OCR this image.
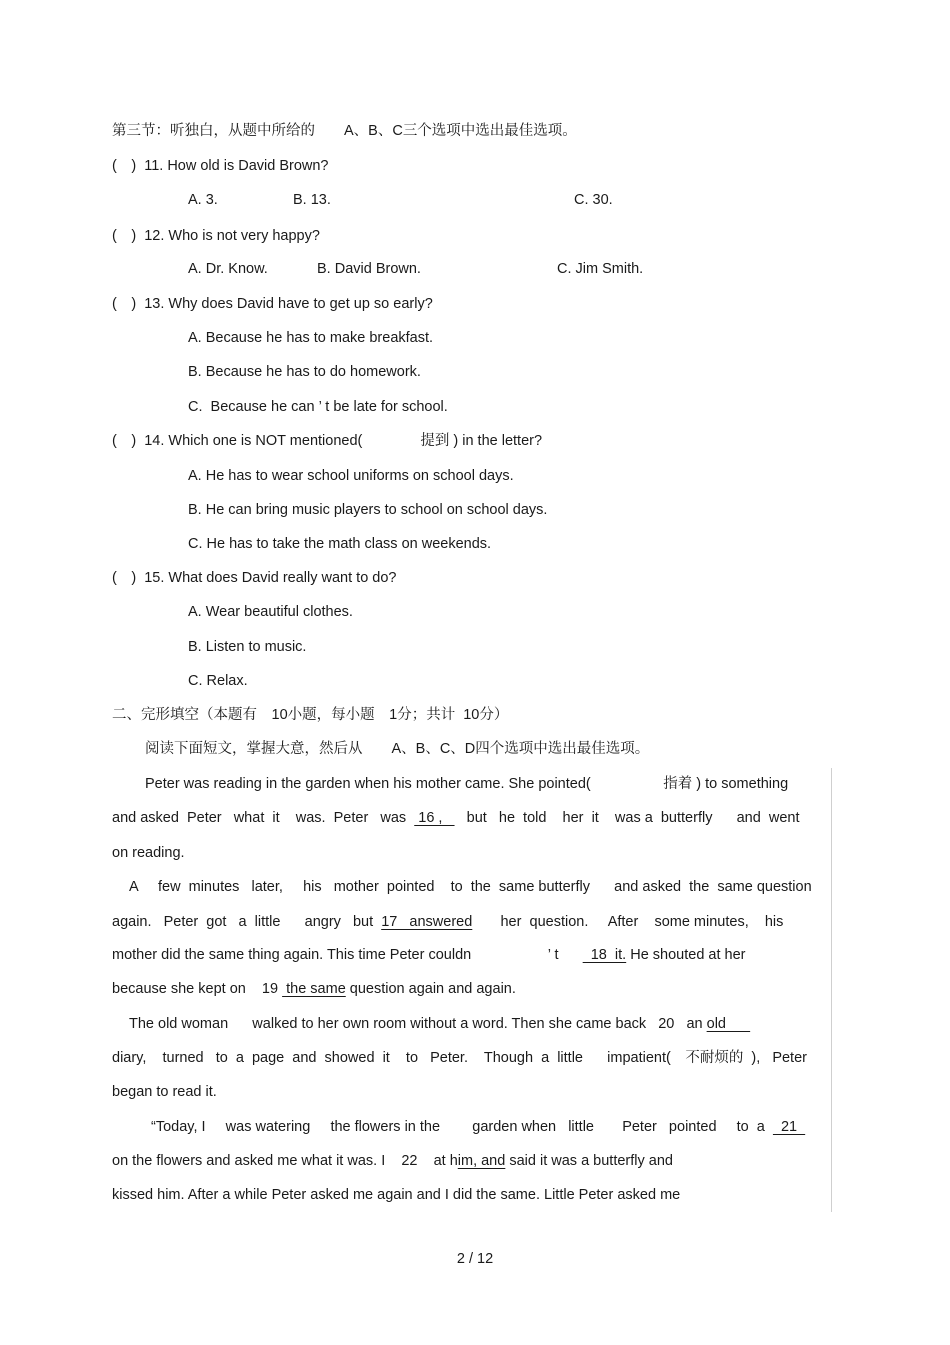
第三节：听独白，从题中所给的　　A、B、C三个选项中选出最佳选项。
(　)  11. How old is David Brown?
A. 3.	B. 13.	C. 30.
(　)  12. Who is not very happy?
A. Dr. Know.	B. David Brown.	C. Jim Smith.
(　)  13. Why does David have to get up so early?
A. Because he has to make breakfast.
B. Because he has to do homework.
C.  Because he can ’ t be late for school.
(　)  14. Which one is NOT mentioned(　　　　提到 ) in the letter?
A. He has to wear school uniforms on school days.
B. He can bring music players to school on school days.
C. He has to take the math class on weekends.
(　)  15. What does David really want to do?
A. Wear beautiful clothes.
B. Listen to music.
C. Relax.
二、完形填空（本题有　10小题，每小题　1分；共计  10分）
阅读下面短文，掌握大意，然后从　　A、B、C、D四个选项中选出最佳选项。
Peter was reading in the garden when his mother came. She pointed(　　　　　指着 ) to something
and asked  Peter   what  it    was.  Peter   was   16 ,      but   he  told    her  it    was a  butterfly      and  went
on reading.
A     few  minutes   later,     his   mother  pointed    to  the  same butterfly      and asked  the  same question
again.   Peter  got   a  little      angry   but  17   answered       her  question.     After    some minutes,    his
mother did the same thing again. This time Peter couldn　　　　　 ’ t        18  it. He shouted at her
because she kept on    19  the same question again and again.
The old woman      walked to her own room without a word. Then she came back   20   an old
diary,    turned   to  a  page  and  showed  it    to   Peter.    Though  a  little      impatient(　不耐烦的  ),   Peter
began to read it.
“Today, I     was watering     the flowers in the        garden when   little       Peter   pointed     to  a    21
on the flowers and asked me what it was. I    22    at him, and said it was a butterfly and
kissed him. After a while Peter asked me again and I did the same. Little Peter asked me
2 / 12
